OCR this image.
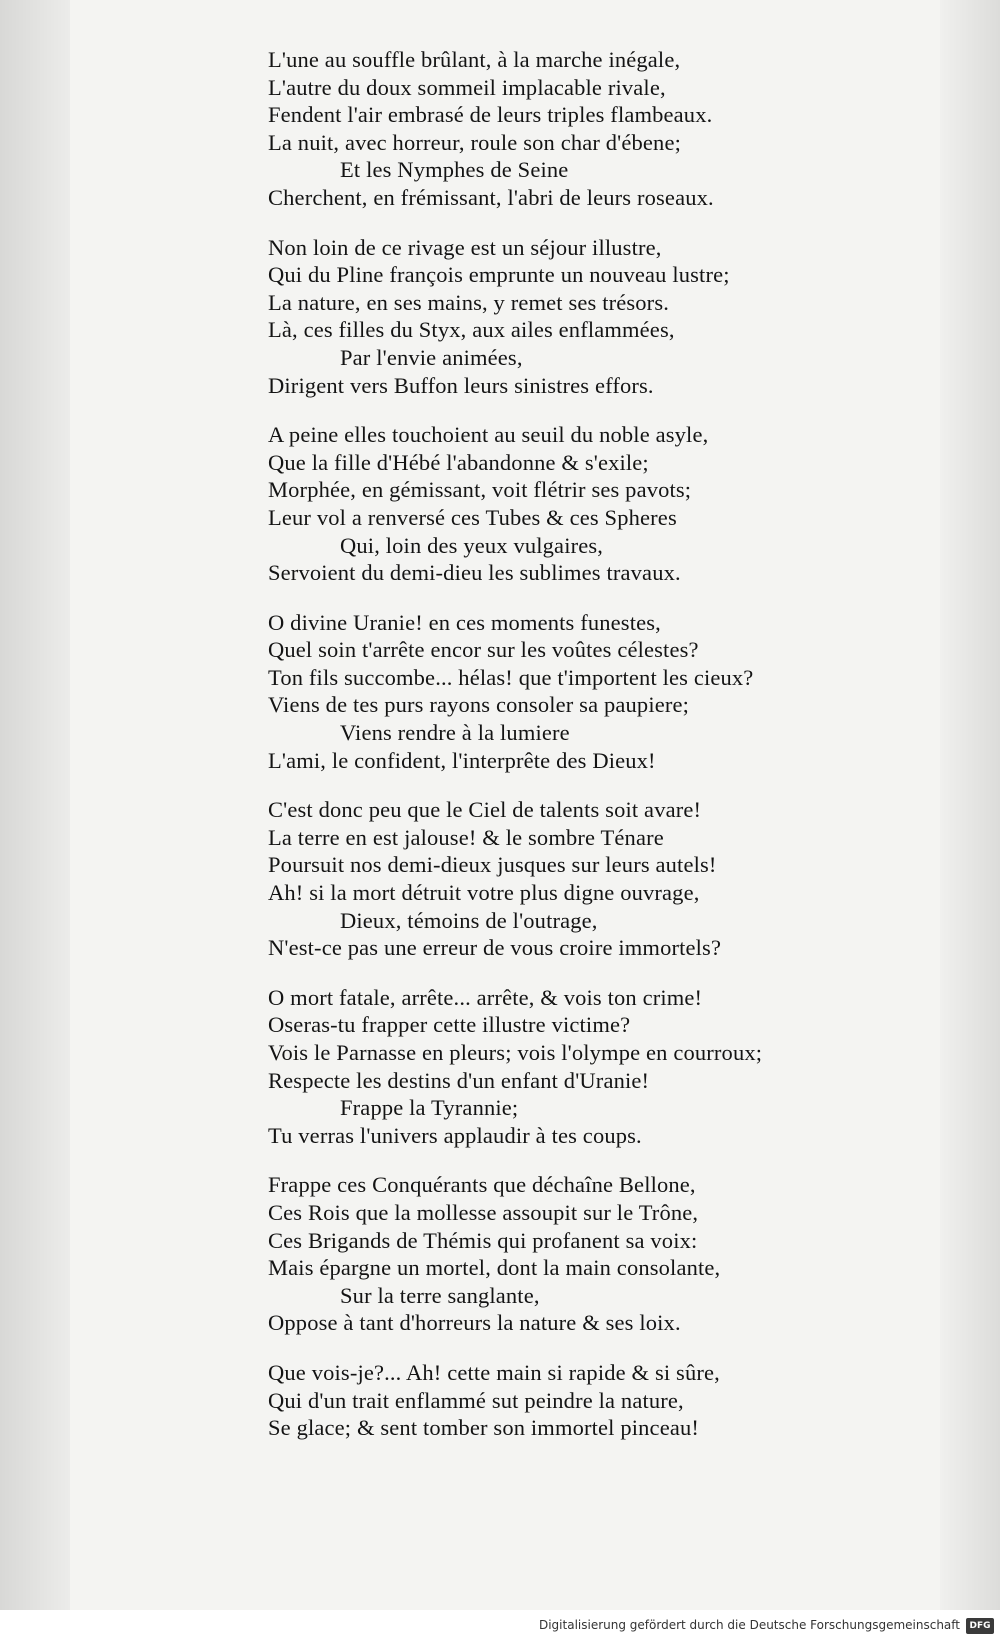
L'une au souffle brûlant, à la marche inégale,
L'autre du doux sommeil implacable rivale,
Fendent l'air embrasé de leurs triples flambeaux.
La nuit, avec horreur, roule son char d'ébene;
Et les Nymphes de Seine
Cherchent, en frémissant, l'abri de leurs roseaux.
Non loin de ce rivage est un séjour illustre,
Qui du Pline françois emprunte un nouveau lustre;
La nature, en ses mains, y remet ses trésors.
Là, ces filles du Styx, aux ailes enflammées,
Par l'envie animées,
Dirigent vers Buffon leurs sinistres effors.
A peine elles touchoient au seuil du noble asyle,
Que la fille d'Hébé l'abandonne & s'exile;
Morphée, en gémissant, voit flétrir ses pavots;
Leur vol a renversé ces Tubes & ces Spheres
Qui, loin des yeux vulgaires,
Servoient du demi-dieu les sublimes travaux.
O divine Uranie! en ces moments funestes,
Quel soin t'arrête encor sur les voûtes célestes?
Ton fils succombe... hélas! que t'importent les cieux?
Viens de tes purs rayons consoler sa paupiere;
Viens rendre à la lumiere
L'ami, le confident, l'interprête des Dieux!
C'est donc peu que le Ciel de talents soit avare!
La terre en est jalouse! & le sombre Ténare
Poursuit nos demi-dieux jusques sur leurs autels!
Ah! si la mort détruit votre plus digne ouvrage,
Dieux, témoins de l'outrage,
N'est-ce pas une erreur de vous croire immortels?
O mort fatale, arrête... arrête, & vois ton crime!
Oseras-tu frapper cette illustre victime?
Vois le Parnasse en pleurs; vois l'olympe en courroux;
Respecte les destins d'un enfant d'Uranie!
Frappe la Tyrannie;
Tu verras l'univers applaudir à tes coups.
Frappe ces Conquérants que déchaîne Bellone,
Ces Rois que la mollesse assoupit sur le Trône,
Ces Brigands de Thémis qui profanent sa voix:
Mais épargne un mortel, dont la main consolante,
Sur la terre sanglante,
Oppose à tant d'horreurs la nature & ses loix.
Que vois-je?... Ah! cette main si rapide & si sûre,
Qui d'un trait enflammé sut peindre la nature,
Se glace; & sent tomber son immortel pinceau!
Digitalisierung gefördert durch die Deutsche Forschungsgemeinschaft	DFG
